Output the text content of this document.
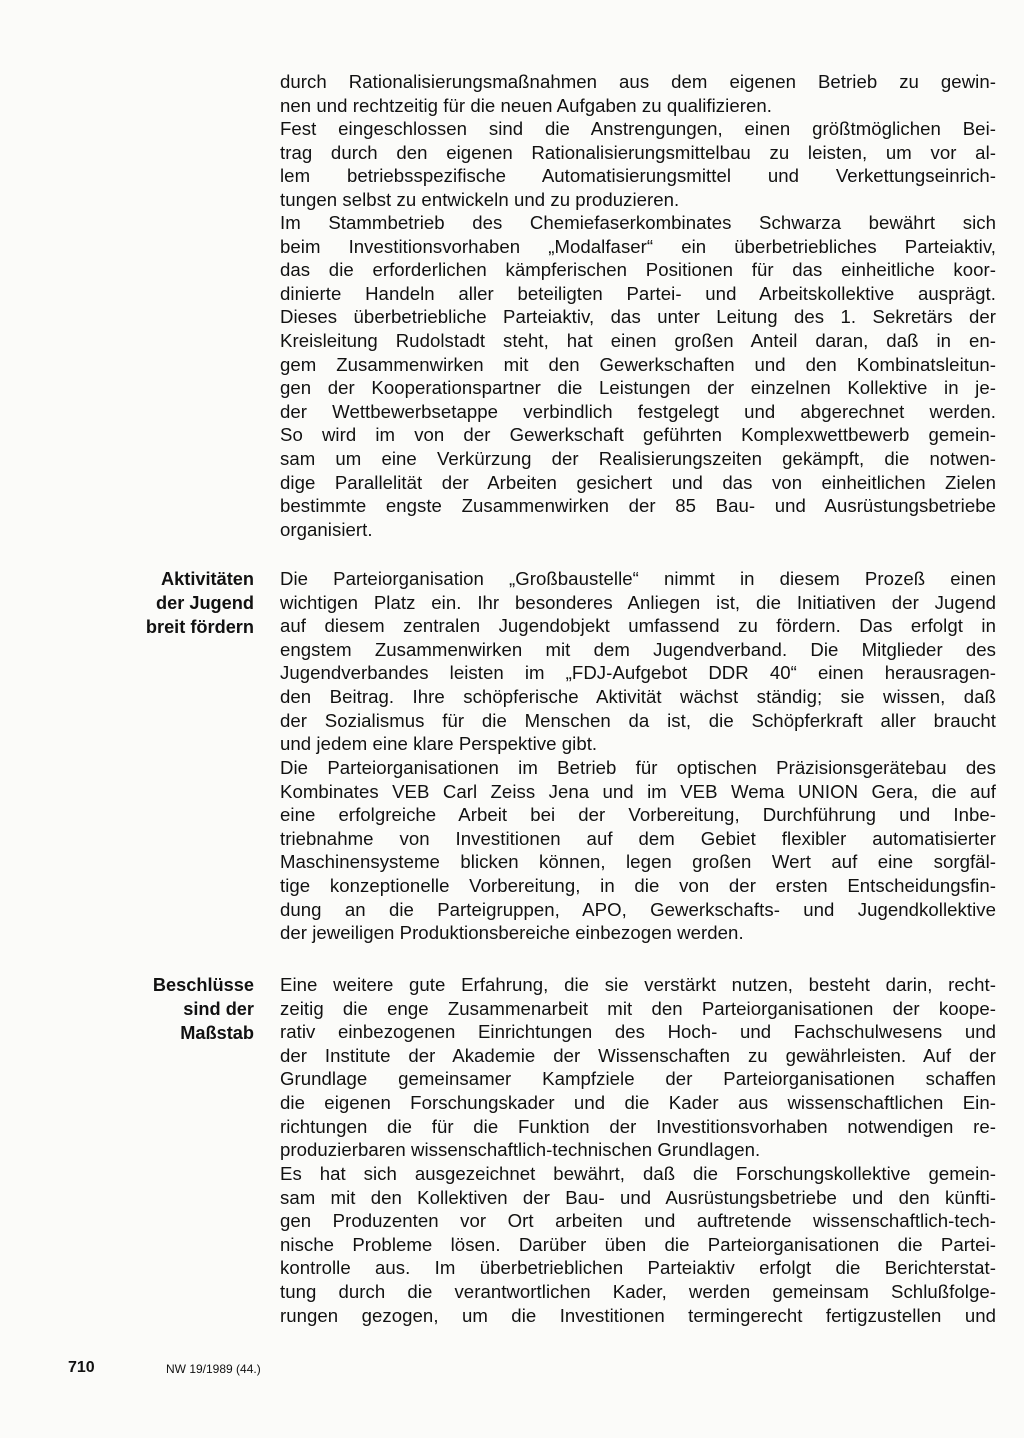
durch Rationalisierungsmaßnahmen aus dem eigenen Betrieb zu gewin-
nen und rechtzeitig für die neuen Aufgaben zu qualifizieren.

Fest eingeschlossen sind die Anstrengungen, einen größtmöglichen Bei-
trag durch den eigenen Rationalisierungsmittelbau zu leisten, um vor al-
lem betriebsspezifische Automatisierungsmittel und Verkettungseinrich-
tungen selbst zu entwickeln und zu produzieren.

Im Stammbetrieb des Chemiefaserkombinates Schwarza bewährt sich
beim Investitionsvorhaben „Modalfaser“ ein überbetriebliches Parteiaktiv,
das die erforderlichen kämpferischen Positionen für das einheitliche koor-
dinierte Handeln aller beteiligten Partei- und Arbeitskollektive ausprägt.
Dieses überbetriebliche Parteiaktiv, das unter Leitung des 1. Sekretärs der
Kreisleitung Rudolstadt steht, hat einen großen Anteil daran, daß in en-
gem Zusammenwirken mit den Gewerkschaften und den Kombinatsleitun-
gen der Kooperationspartner die Leistungen der einzelnen Kollektive in je-
der Wettbewerbsetappe verbindlich festgelegt und abgerechnet werden.
So wird im von der Gewerkschaft geführten Komplexwettbewerb gemein-
sam um eine Verkürzung der Realisierungszeiten gekämpft, die notwen-
dige Parallelität der Arbeiten gesichert und das von einheitlichen Zielen
bestimmte engste Zusammenwirken der 85 Bau- und Ausrüstungsbetriebe
organisiert.

Aktivitäten
der Jugend
breit fördern

Die Parteiorganisation „Großbaustelle“ nimmt in diesem Prozeß einen
wichtigen Platz ein. Ihr besonderes Anliegen ist, die Initiativen der Jugend
auf diesem zentralen Jugendobjekt umfassend zu fördern. Das erfolgt in
engstem Zusammenwirken mit dem Jugendverband. Die Mitglieder des
Jugendverbandes leisten im „FDJ-Aufgebot DDR 40“ einen herausragen-
den Beitrag. Ihre schöpferische Aktivität wächst ständig; sie wissen, daß
der Sozialismus für die Menschen da ist, die Schöpferkraft aller braucht
und jedem eine klare Perspektive gibt.

Die Parteiorganisationen im Betrieb für optischen Präzisionsgerätebau des
Kombinates VEB Carl Zeiss Jena und im VEB Wema UNION Gera, die auf
eine erfolgreiche Arbeit bei der Vorbereitung, Durchführung und Inbe-
triebnahme von Investitionen auf dem Gebiet flexibler automatisierter
Maschinensysteme blicken können, legen großen Wert auf eine sorgfäl-
tige konzeptionelle Vorbereitung, in die von der ersten Entscheidungsfin-
dung an die Parteigruppen, APO, Gewerkschafts- und Jugendkollektive
der jeweiligen Produktionsbereiche einbezogen werden.

Beschlüsse
sind der
Maßstab

Eine weitere gute Erfahrung, die sie verstärkt nutzen, besteht darin, recht-
zeitig die enge Zusammenarbeit mit den Parteiorganisationen der koope-
rativ einbezogenen Einrichtungen des Hoch- und Fachschulwesens und
der Institute der Akademie der Wissenschaften zu gewährleisten. Auf der
Grundlage gemeinsamer Kampfziele der Parteiorganisationen schaffen
die eigenen Forschungskader und die Kader aus wissenschaftlichen Ein-
richtungen die für die Funktion der Investitionsvorhaben notwendigen re-
produzierbaren wissenschaftlich-technischen Grundlagen.

Es hat sich ausgezeichnet bewährt, daß die Forschungskollektive gemein-
sam mit den Kollektiven der Bau- und Ausrüstungsbetriebe und den künfti-
gen Produzenten vor Ort arbeiten und auftretende wissenschaftlich-tech-
nische Probleme lösen. Darüber üben die Parteiorganisationen die Partei-
kontrolle aus. Im überbetrieblichen Parteiaktiv erfolgt die Berichterstat-
tung durch die verantwortlichen Kader, werden gemeinsam Schlußfolge-
rungen gezogen, um die Investitionen termingerecht fertigzustellen und

710	NW 19/1989 (44.)
